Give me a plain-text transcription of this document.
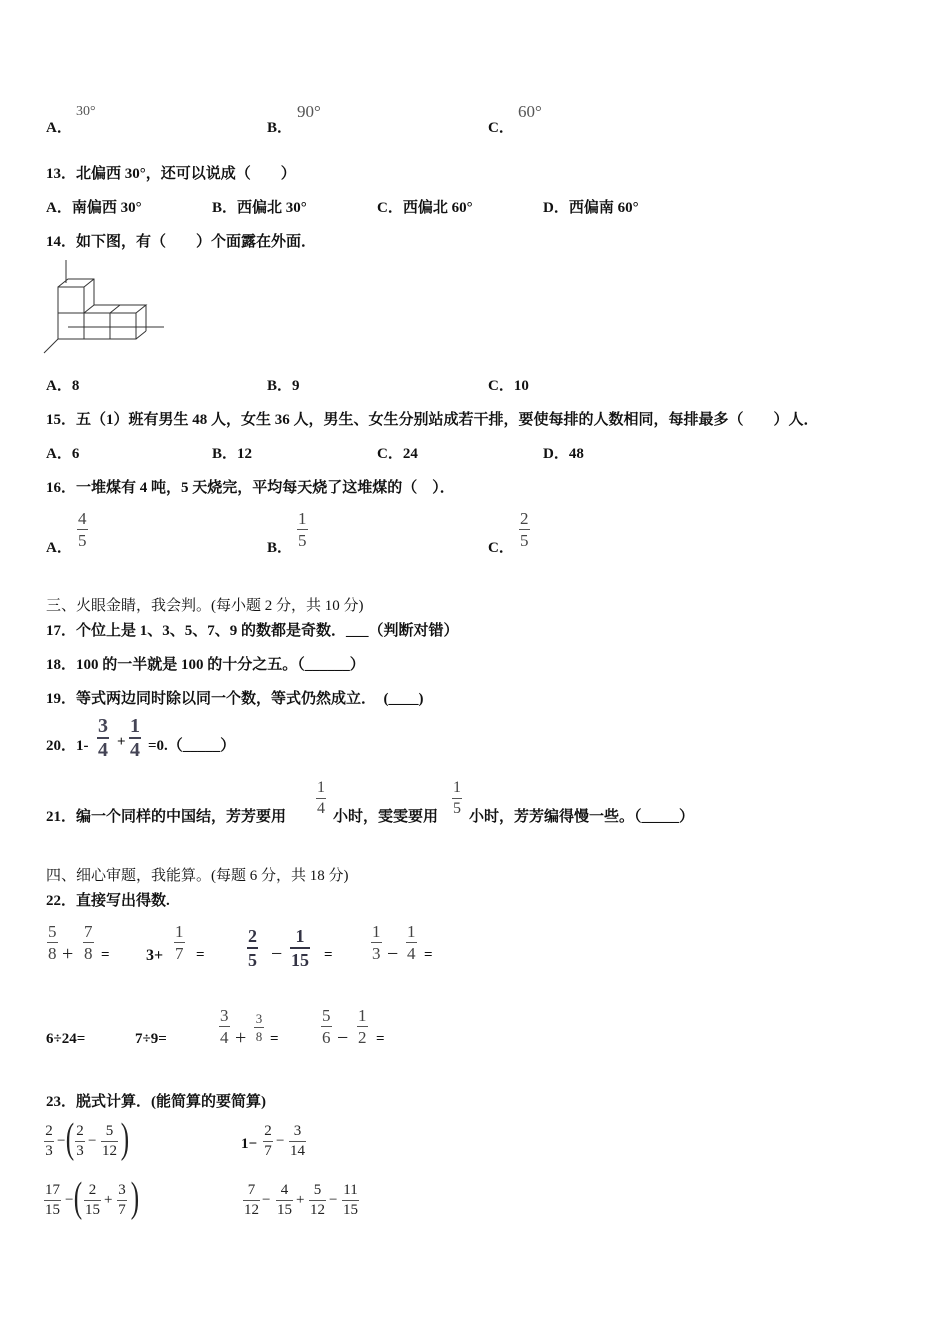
A．
30°
B．
90°
C．
60°
13．北偏西 30°，还可以说成（　　）
A．南偏西 30°	B．西偏北 30°	C．西偏北 60°	D．西偏南 60°
14．如下图，有（　　）个面露在外面．
A．8	B．9	C．10
15．五（1）班有男生 48 人，女生 36 人，男生、女生分别站成若干排，要使每排的人数相同，每排最多（　　）人．
A．6	B．12	C．24	D．48
16．一堆煤有 4 吨，5 天烧完，平均每天烧了这堆煤的（　）．
A．
4
5	B．
1
5	C．
2
5
三、火眼金睛，我会判。(每小题 2 分，共 10 分)
17．个位上是 1、3、5、7、9 的数都是奇数．___（判断对错）
18．100 的一半就是 100 的十分之五。（______）
19．等式两边同时除以同一个数，等式仍然成立．　(____)
20．1-
3
4 +
1
4 =0.（_____）
21．编一个同样的中国结，芳芳要用
1
4 小时，雯雯要用
1
5 小时，芳芳编得慢一些。（_____）
四、细心审题，我能算。(每题 6 分，共 18 分)
22．直接写出得数.
5
8 +
7
8 = 3+
1
7 =
2
5 −
1
15 =
1
3 −
1
4 =
6÷24=	7÷9=
3
4 +
3
8 =
5
6 −
1
2 =
23．脱式计算．(能简算的要简算)
2
3
− ( 2
3
−
5
12 )	1−
2
7
−
3
14
17
15
− ( 2
15
+
3
7 )	7
12
−
4
15
+
5
12
−
11
15
